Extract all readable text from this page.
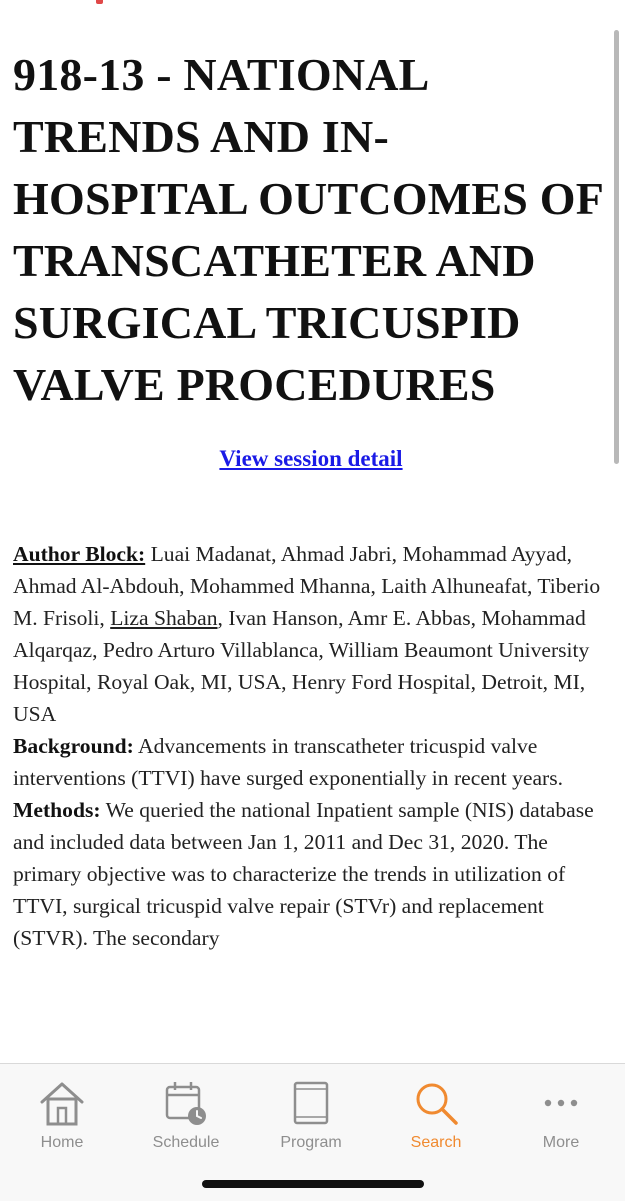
918-13 - NATIONAL TRENDS AND IN-HOSPITAL OUTCOMES OF TRANSCATHETER AND SURGICAL TRICUSPID VALVE PROCEDURES
View session detail

Author Block: Luai Madanat, Ahmad Jabri, Mohammad Ayyad, Ahmad Al-Abdouh, Mohammed Mhanna, Laith Alhuneafat, Tiberio M. Frisoli, Liza Shaban, Ivan Hanson, Amr E. Abbas, Mohammad Alqarqaz, Pedro Arturo Villablanca, William Beaumont University Hospital, Royal Oak, MI, USA, Henry Ford Hospital, Detroit, MI, USA

Background: Advancements in transcatheter tricuspid valve interventions (TTVI) have surged exponentially in recent years.

Methods: We queried the national Inpatient sample (NIS) database and included data between Jan 1, 2011 and Dec 31, 2020. The primary objective was to characterize the trends in utilization of TTVI, surgical tricuspid valve repair (STVr) and replacement (STVR). The secondary

Home	Schedule	Program	Search	More
